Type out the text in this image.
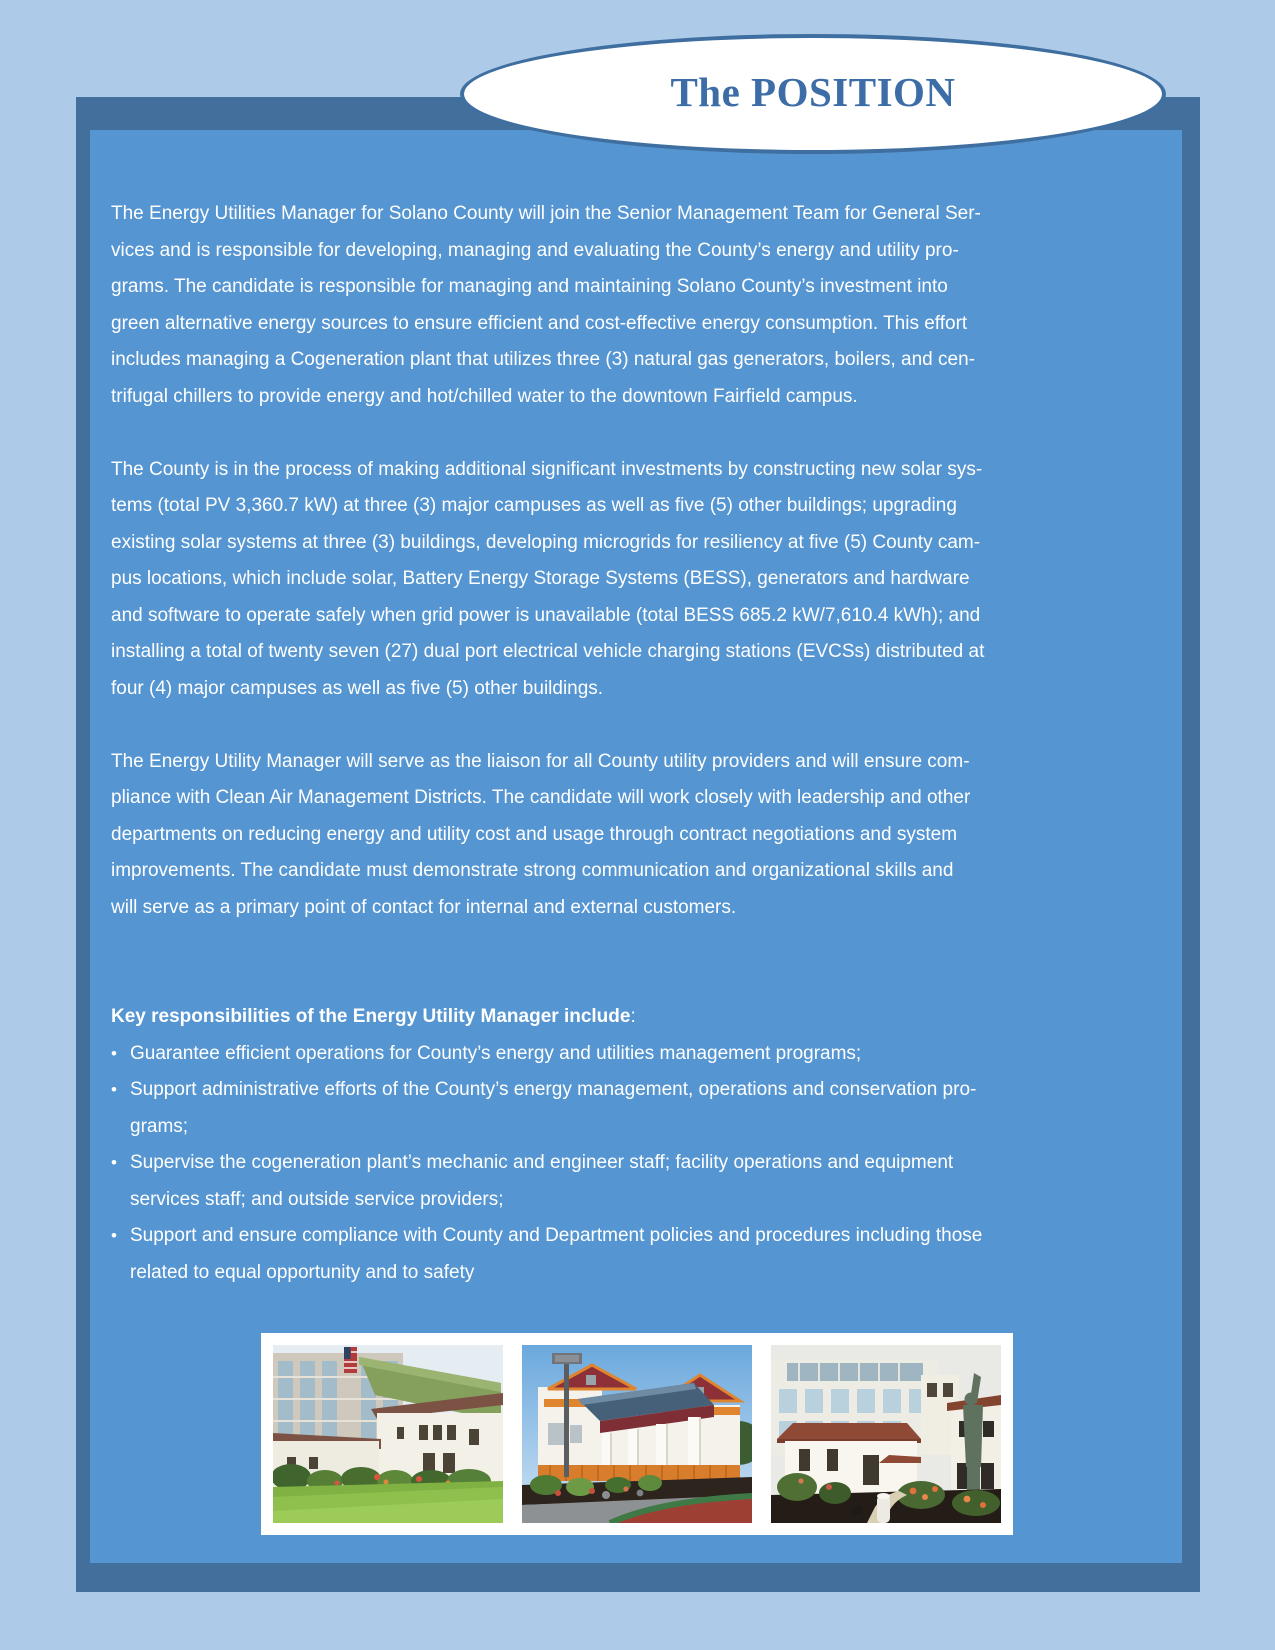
The POSITION
The Energy Utilities Manager for Solano County will join the Senior Management Team for General Ser-
vices and is responsible for developing, managing and evaluating the County’s energy and utility pro-
grams. The candidate is responsible for managing and maintaining Solano County’s investment into
green alternative energy sources to ensure efficient and cost-effective energy consumption. This effort
includes managing a Cogeneration plant that utilizes three (3) natural gas generators, boilers, and cen-
trifugal chillers to provide energy and hot/chilled water to the downtown Fairfield campus.
The County is in the process of making additional significant investments by constructing new solar sys-
tems (total PV 3,360.7 kW) at three (3) major campuses as well as five (5) other buildings; upgrading
existing solar systems at three (3) buildings, developing microgrids for resiliency at five (5) County cam-
pus locations, which include solar, Battery Energy Storage Systems (BESS), generators and hardware
and software to operate safely when grid power is unavailable (total BESS 685.2 kW/7,610.4 kWh); and
installing a total of twenty seven (27) dual port electrical vehicle charging stations (EVCSs) distributed at
four (4) major campuses as well as five (5) other buildings.
The Energy Utility Manager will serve as the liaison for all County utility providers and will ensure com-
pliance with Clean Air Management Districts. The candidate will work closely with leadership and other
departments on reducing energy and utility cost and usage through contract negotiations and system
improvements. The candidate must demonstrate strong communication and organizational skills and
will serve as a primary point of contact for internal and external customers.
Key responsibilities of the Energy Utility Manager include:
• Guarantee efficient operations for County’s energy and utilities management programs;
• Support administrative efforts of the County’s energy management, operations and conservation pro-
grams;
• Supervise the cogeneration plant’s mechanic and engineer staff; facility operations and equipment
services staff; and outside service providers;
• Support and ensure compliance with County and Department policies and procedures including those
related to equal opportunity and to safety
